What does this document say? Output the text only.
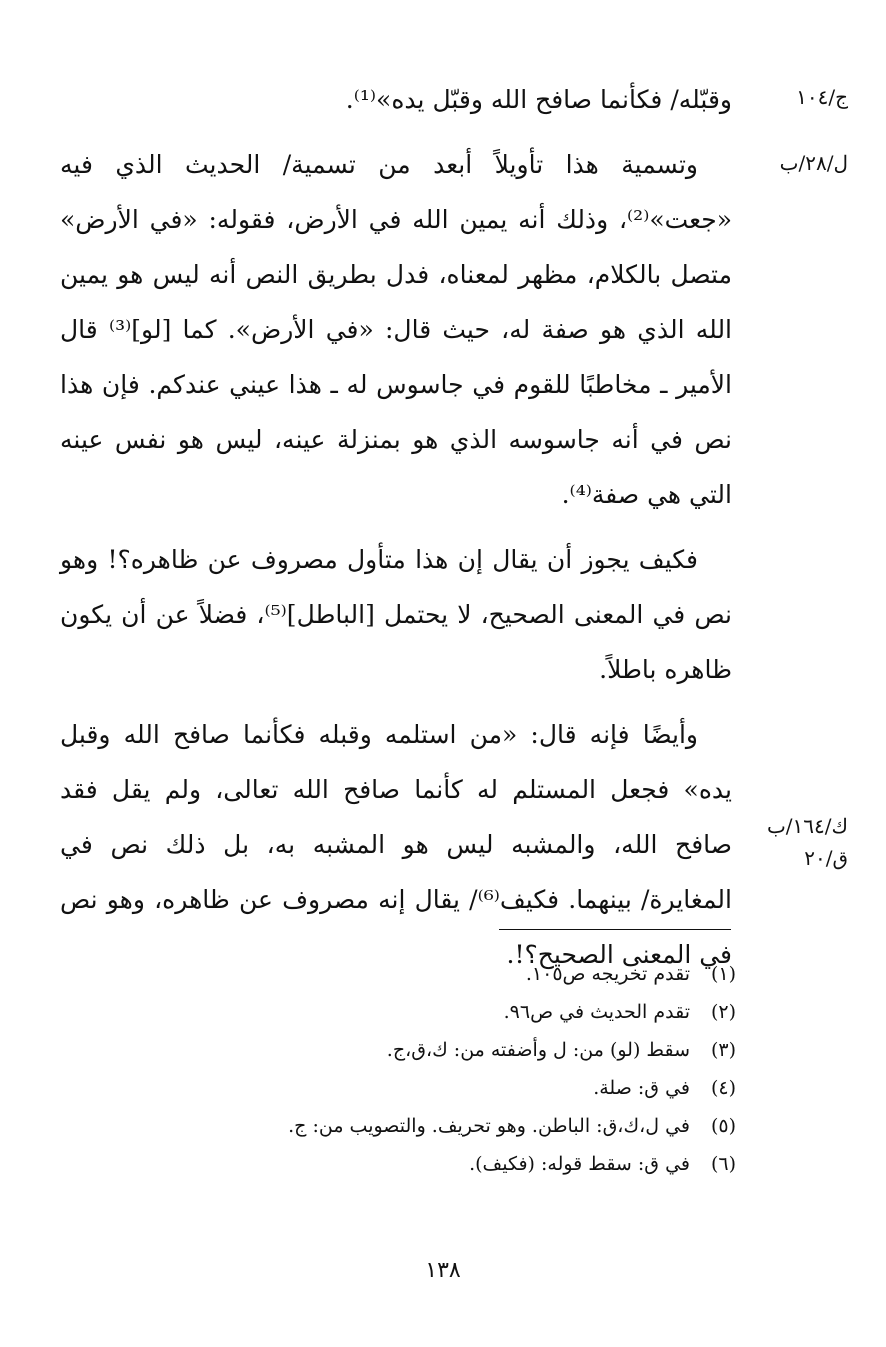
ج/١٠٤
ل/٢٨/ب
ك/١٦٤/ب
ق/٢٠

وقبّله/ فكأنما صافح الله وقبّل يده»⁽¹⁾.

وتسمية هذا تأويلاً أبعد من تسمية/ الحديث الذي فيه «جعت»⁽²⁾، وذلك أنه يمين الله في الأرض، فقوله: «في الأرض» متصل بالكلام، مظهر لمعناه، فدل بطريق النص أنه ليس هو يمين الله الذي هو صفة له، حيث قال: «في الأرض». كما [لو]⁽³⁾ قال الأمير ـ مخاطبًا للقوم في جاسوس له ـ هذا عيني عندكم. فإن هذا نص في أنه جاسوسه الذي هو بمنزلة عينه، ليس هو نفس عينه التي هي صفة⁽⁴⁾.

فكيف يجوز أن يقال إن هذا متأول مصروف عن ظاهره؟! وهو نص في المعنى الصحيح، لا يحتمل [الباطل]⁽⁵⁾، فضلاً عن أن يكون ظاهره باطلاً.

وأيضًا فإنه قال: «من استلمه وقبله فكأنما صافح الله وقبل يده» فجعل المستلم له كأنما صافح الله تعالى، ولم يقل فقد صافح الله، والمشبه ليس هو المشبه به، بل ذلك نص في المغايرة/ بينهما. فكيف⁽⁶⁾/ يقال إنه مصروف عن ظاهره، وهو نص في المعنى الصحيح؟!.

(١)
تقدم تخريجه ص١٠٥.
(٢)
تقدم الحديث في ص٩٦.
(٣)
سقط (لو) من: ل وأضفته من: ك،ق،ج.
(٤)
في ق: صلة.
(٥)
في ل،ك،ق: الباطن. وهو تحريف. والتصويب من: ج.
(٦)
في ق: سقط قوله: (فكيف).
١٣٨
